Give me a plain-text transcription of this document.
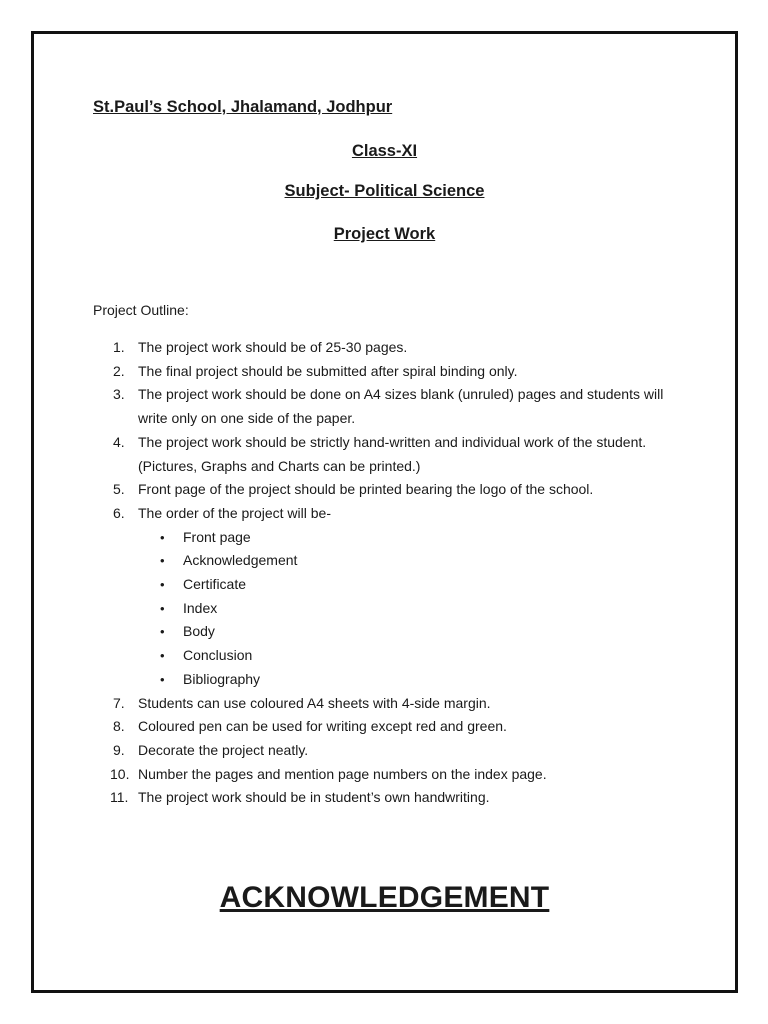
St.Paul’s School, Jhalamand, Jodhpur

Class-XI

Subject- Political Science

Project Work

Project Outline:

1. The project work should be of 25-30 pages.
2. The final project should be submitted after spiral binding only.
3. The project work should be done on A4 sizes blank (unruled) pages and students will write only on one side of the paper.
4. The project work should be strictly hand-written and individual work of the student. (Pictures, Graphs and Charts can be printed.)
5. Front page of the project should be printed bearing the logo of the school.
6. The order of the project will be-
• Front page
• Acknowledgement
• Certificate
• Index
• Body
• Conclusion
• Bibliography
7. Students can use coloured A4 sheets with 4-side margin.
8. Coloured pen can be used for writing except red and green.
9. Decorate the project neatly.
10. Number the pages and mention page numbers on the index page.
11. The project work should be in student’s own handwriting.

ACKNOWLEDGEMENT
